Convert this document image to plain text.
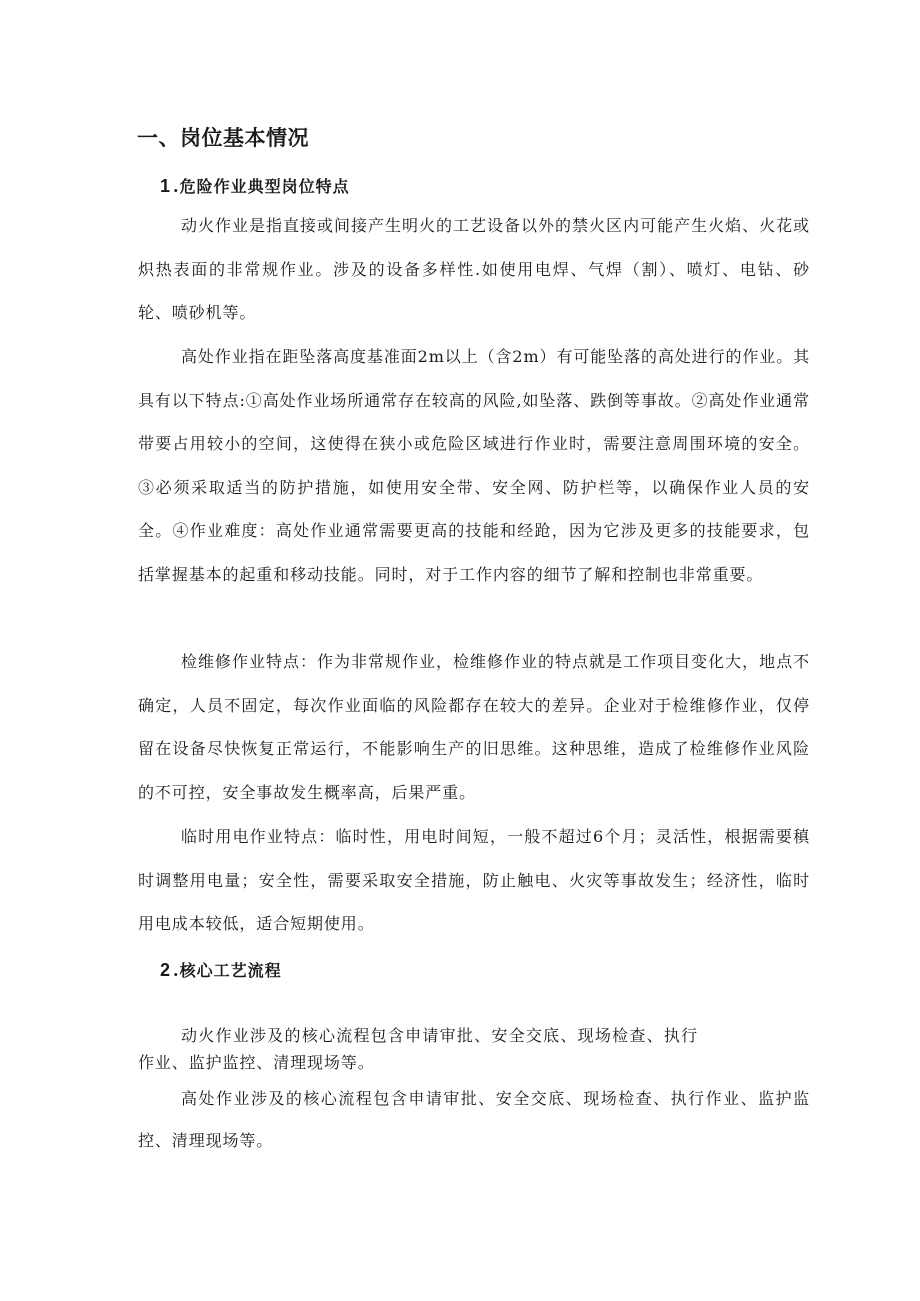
一、岗位基本情况
1 .危险作业典型岗位特点

动火作业是指直接或间接产生明火的工艺设备以外的禁火区内可能产生火焰、火花或炽热表面的非常规作业。涉及的设备多样性.如使用电焊、气焊（割）、喷灯、电钻、砂轮、喷砂机等。

高处作业指在距坠落高度基准面2m以上（含2m）有可能坠落的高处进行的作业。其具有以下特点:①高处作业场所通常存在较高的风险,如坠落、跌倒等事故。②高处作业通常带要占用较小的空间，这使得在狭小或危险区域进行作业时，需要注意周围环境的安全。③必须采取适当的防护措施，如使用安全带、安全网、防护栏等，以确保作业人员的安全。④作业难度：高处作业通常需要更高的技能和经跄，因为它涉及更多的技能要求，包括掌握基本的起重和移动技能。同时，对于工作内容的细节了解和控制也非常重要。

检维修作业特点：作为非常规作业，检维修作业的特点就是工作项目变化大，地点不确定，人员不固定，每次作业面临的风险都存在较大的差异。企业对于检维修作业，仅停留在设备尽快恢复正常运行，不能影响生产的旧思维。这种思维，造成了检维修作业风险的不可控，安全事故发生概率高，后果严重。

临时用电作业特点：临时性，用电时间短，一般不超过6个月；灵活性，根据需要稹时调整用电量；安全性，需要采取安全措施，防止触电、火灾等事故发生；经济性，临时用电成本较低，适合短期使用。

2 .核心工艺流程

动火作业涉及的核心流程包含申请审批、安全交底、现场检查、执行作业、监护监控、清理现场等。

高处作业涉及的核心流程包含申请审批、安全交底、现场检查、执行作业、监护监控、清理现场等。
